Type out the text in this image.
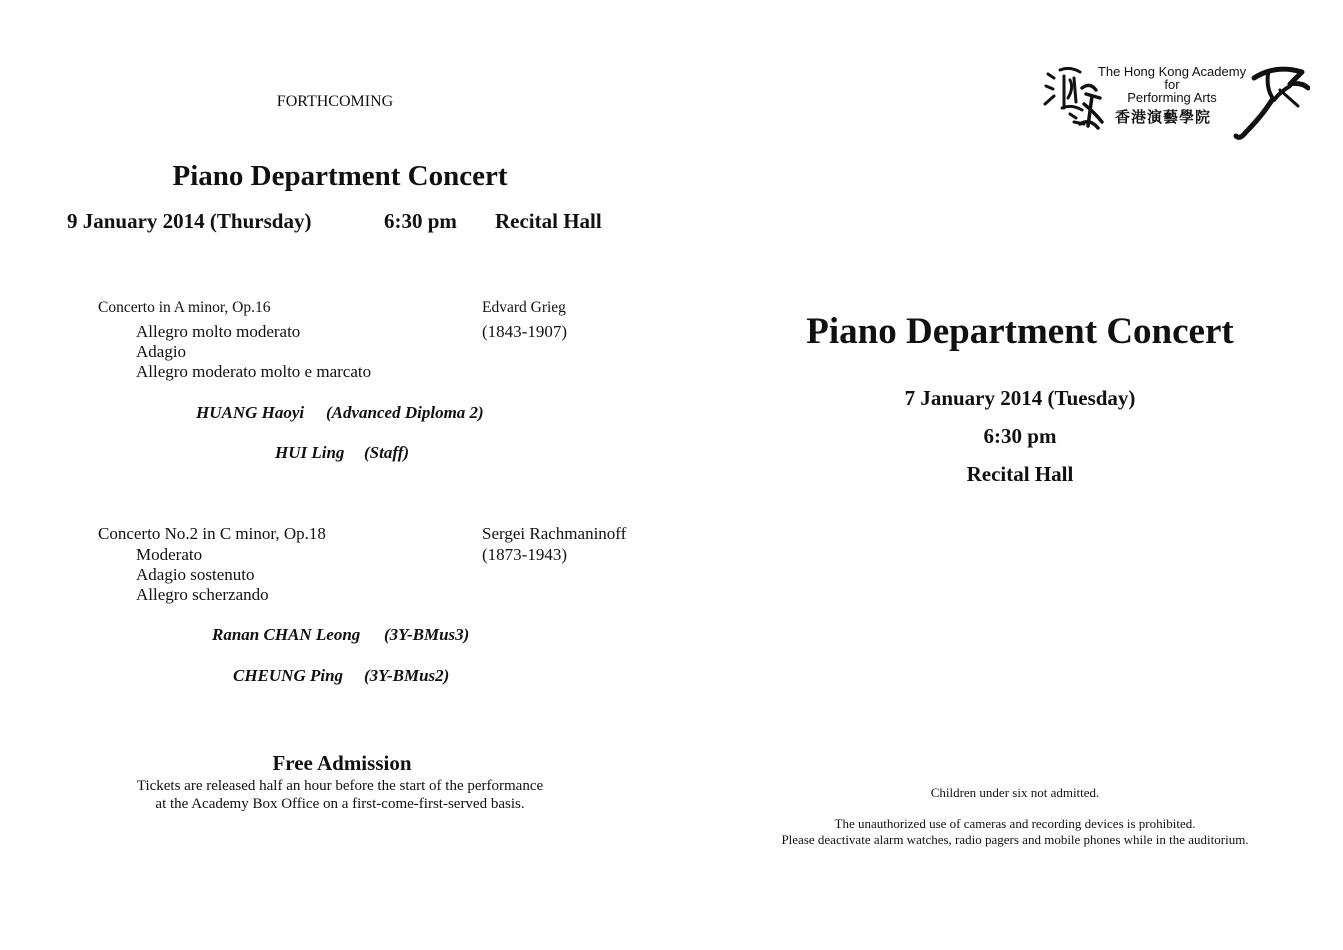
FORTHCOMING
Piano Department Concert
9 January 2014 (Thursday)	6:30 pm Recital Hall
Concerto in A minor, Op.16	Edvard Grieg
(1843-1907)
Allegro molto moderato
Adagio
Allegro moderato molto e marcato
HUANG Haoyi (Advanced Diploma 2)
HUI Ling (Staff)
Concerto No.2 in C minor, Op.18	Sergei Rachmaninoff
(1873-1943)
Moderato
Adagio sostenuto
Allegro scherzando
Ranan CHAN Leong (3Y-BMus3)
CHEUNG Ping (3Y-BMus2)
Free Admission
Tickets are released half an hour before the start of the performance
at the Academy Box Office on a first-come-first-served basis.
The Hong Kong Academy
for
Performing Arts
香港演藝學院
Piano Department Concert
7 January 2014 (Tuesday)
6:30 pm
Recital Hall
Children under six not admitted.
The unauthorized use of cameras and recording devices is prohibited.
Please deactivate alarm watches, radio pagers and mobile phones while in the auditorium.
